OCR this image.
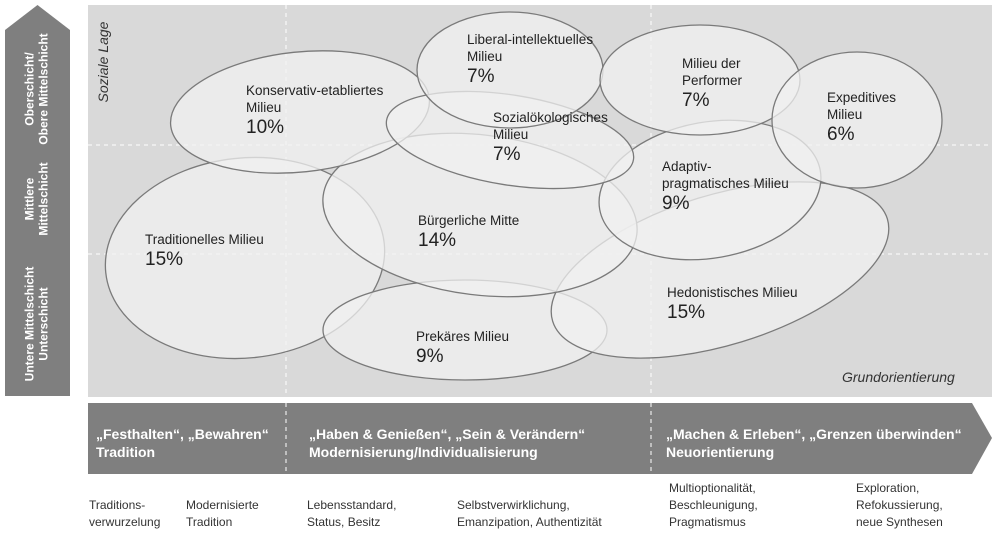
Soziale Lage
Grundorientierung
Oberschicht/
Obere Mittelschicht
Mittlere
Mittelschicht
Untere Mittelschicht
Unterschicht
Konservativ-etabliertes
Milieu
10%
Liberal-intellektuelles
Milieu
7%
Milieu der
Performer
7%	Expeditives
Milieu
6%
Sozialökologisches
Milieu
7%
Adaptiv-
pragmatisches Milieu
9%
Traditionelles Milieu
15%
Bürgerliche Mitte
14%
Hedonistisches Milieu
15%
Prekäres Milieu
9%
„Festhalten“, „Bewahren“
Tradition
„Haben & Genießen“, „Sein & Verändern“
Modernisierung/Individualisierung
„Machen & Erleben“, „Grenzen überwinden“
Neuorientierung
Traditions-
verwurzelung
Modernisierte
Tradition
Lebensstandard,
Status, Besitz
Selbstverwirklichung,
Emanzipation, Authentizität
Multioptionalität,
Beschleunigung,
Pragmatismus
Exploration,
Refokussierung,
neue Synthesen
